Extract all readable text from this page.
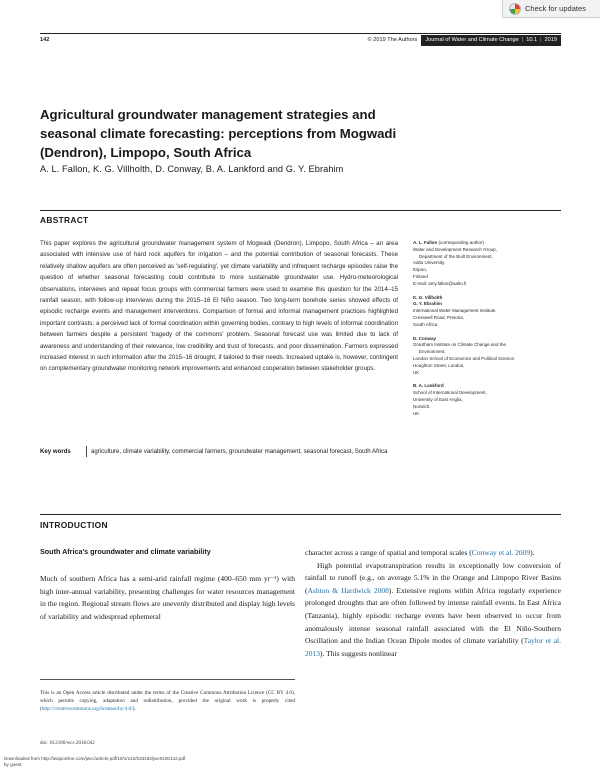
Check for updates
142	© 2019 The Authors	Journal of Water and Climate Change | 10.1 | 2019
Agricultural groundwater management strategies and seasonal climate forecasting: perceptions from Mogwadi (Dendron), Limpopo, South Africa
A. L. Fallon, K. G. Villholth, D. Conway, B. A. Lankford and G. Y. Ebrahim
ABSTRACT

This paper explores the agricultural groundwater management system of Mogwadi (Dendron), Limpopo, South Africa – an area associated with intensive use of hard rock aquifers for irrigation – and the potential contribution of seasonal forecasts. These relatively shallow aquifers are often perceived as 'self-regulating', yet climate variability and infrequent recharge episodes raise the question of whether seasonal forecasting could contribute to more sustainable groundwater use. Hydro-meteorological observations, interviews and repeat focus groups with commercial farmers were used to examine this question for the 2014–15 rainfall season, with follow-up interviews during the 2015–16 El Niño season. Two long-term borehole series showed effects of episodic recharge events and management interventions. Comparison of formal and informal management practices highlighted important contrasts: a perceived lack of formal coordination within governing bodies, contrary to high levels of informal coordination between farmers despite a persistent 'tragedy of the commons' problem. Seasonal forecast use was limited due to lack of awareness and understanding of their relevance, low credibility and trust of forecasts, and poor dissemination. Farmers expressed increased interest in such information after the 2015–16 drought, if tailored to their needs. Increased uptake is, however, contingent on complementary groundwater monitoring network improvements and enhanced cooperation between stakeholder groups.

Key words	agriculture, climate variability, commercial farmers, groundwater management, seasonal forecast, South Africa
A. L. Fallon (corresponding author)
Water and Development Research Group,
Department of the Built Environment,
Aalto University,
Espoo,
Finland
E-mail: amy.fallon@aalto.fi
K. G. Villholth
G. Y. Ebrahim
International Water Management Institute,
Cresswell Road, Pretoria,
South Africa
D. Conway
Grantham Institute on Climate Change and the
Environment,
London School of Economics and Political Science,
Houghton Street, London,
UK
B. A. Lankford
School of International Development,
University of East Anglia,
Norwich,
UK
INTRODUCTION
South Africa's groundwater and climate variability

Much of southern Africa has a semi-arid rainfall regime (400–650 mm yr⁻¹) with high inter-annual variability, presenting challenges for water resources management in the region. Regional stream flows are unevenly distributed and display high levels of variability and widespread ephemeral

character across a range of spatial and temporal scales (Conway et al. 2009).

High potential evapotranspiration results in exceptionally low conversion of rainfall to runoff (e.g., on average 5.1% in the Orange and Limpopo River Basins (Ashton & Hardwick 2008). Extensive regions within Africa regularly experience prolonged droughts that are often followed by intense rainfall events. In East Africa (Tanzania), highly episodic recharge events have been observed to occur from anomalously intense seasonal rainfall associated with the El Niño-Southern Oscillation and the Indian Ocean Dipole modes of climate variability (Taylor et al. 2013). This suggests nonlinear

This is an Open Access article distributed under the terms of the Creative Commons Attribution Licence (CC BY 4.0), which permits copying, adaptation and redistribution, provided the original work is properly cited (http://creativecommons.org/licenses/by/4.0/).
doi: 10.2166/wcc.2018.042
Downloaded from http://iwaponline.com/jwcc/article-pdf/10/1/142/533184/jwc0100142.pdf
by guest
